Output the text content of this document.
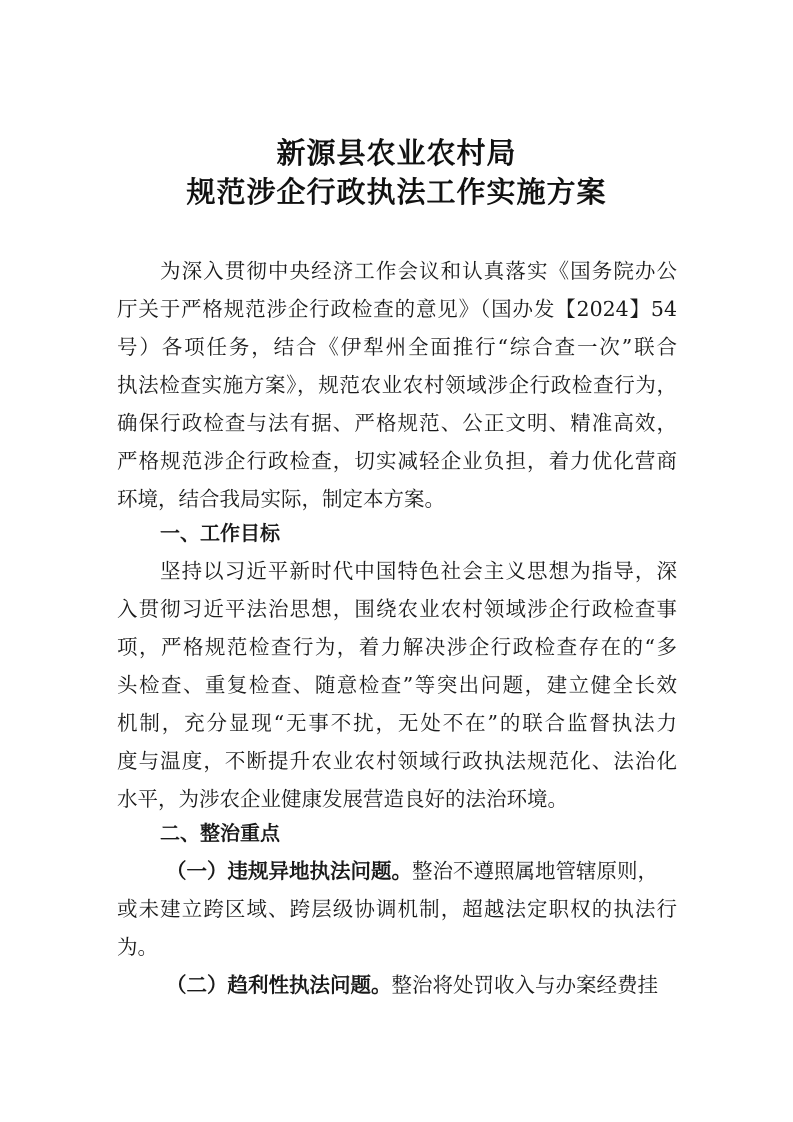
新源县农业农村局
规范涉企行政执法工作实施方案
为深入贯彻中央经济工作会议和认真落实《国务院办公
厅关于严格规范涉企行政检查的意见》（国办发【2024】54
号）各项任务，结合《伊犁州全面推行“综合查一次”联合
执法检查实施方案》，规范农业农村领域涉企行政检查行为，
确保行政检查与法有据、严格规范、公正文明、精准高效，
严格规范涉企行政检查，切实减轻企业负担，着力优化营商
环境，结合我局实际，制定本方案。
一、工作目标
坚持以习近平新时代中国特色社会主义思想为指导，深
入贯彻习近平法治思想，围绕农业农村领域涉企行政检查事
项，严格规范检查行为，着力解决涉企行政检查存在的“多
头检查、重复检查、随意检查”等突出问题，建立健全长效
机制，充分显现“无事不扰，无处不在”的联合监督执法力
度与温度，不断提升农业农村领域行政执法规范化、法治化
水平，为涉农企业健康发展营造良好的法治环境。
二、整治重点
（一）违规异地执法问题。整治不遵照属地管辖原则，
或未建立跨区域、跨层级协调机制，超越法定职权的执法行
为。
（二）趋利性执法问题。整治将处罚收入与办案经费挂
